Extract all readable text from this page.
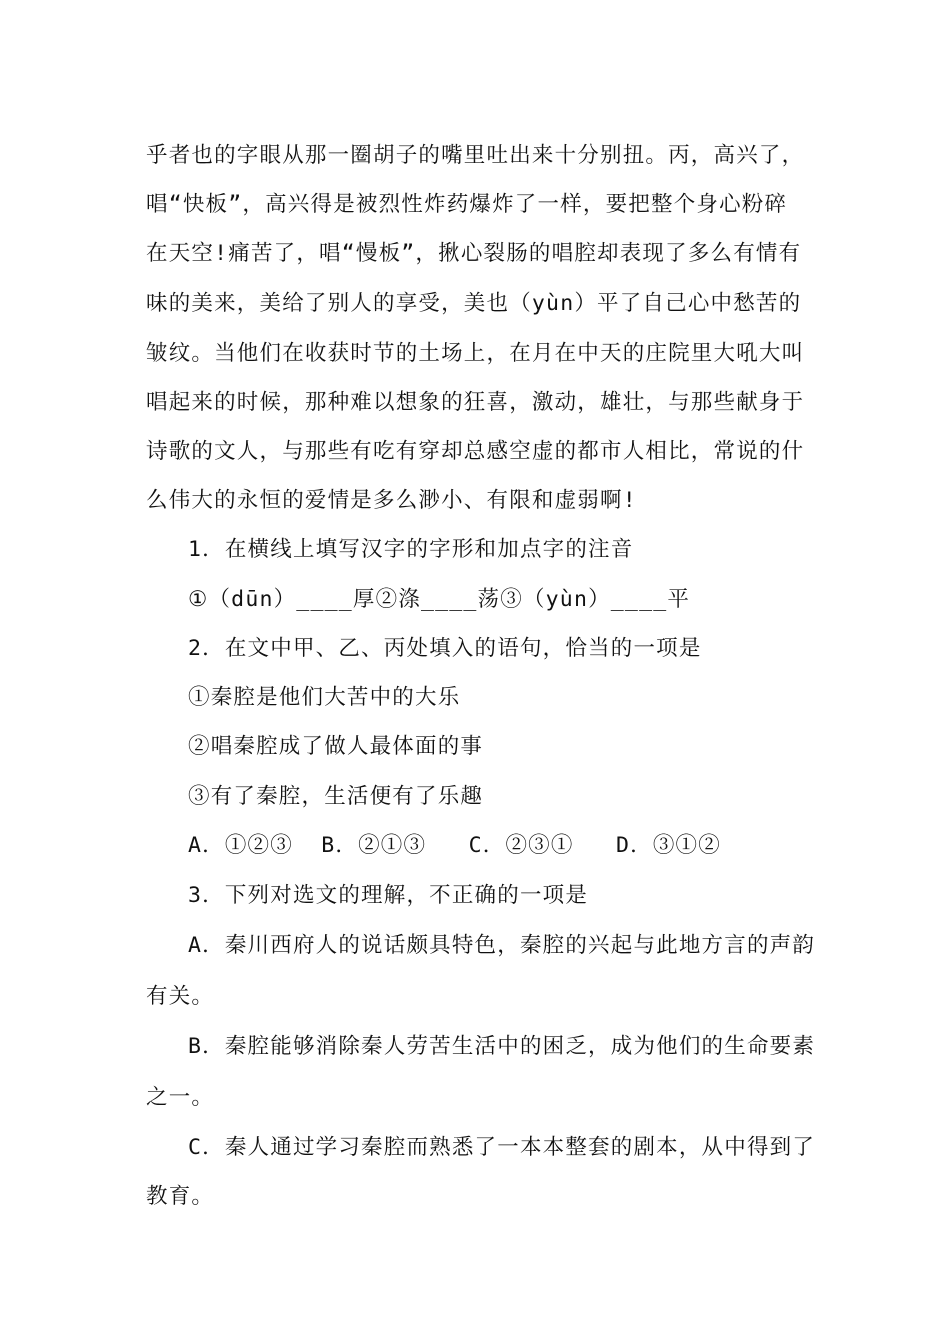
乎者也的字眼从那一圈胡子的嘴里吐出来十分别扭。丙，高兴了，
唱“快板”，高兴得是被烈性炸药爆炸了一样，要把整个身心粉碎
在天空!痛苦了，唱“慢板”，揪心裂肠的唱腔却表现了多么有情有
味的美来，美给了别人的享受，美也（yùn）平了自己心中愁苦的
皱纹。当他们在收获时节的土场上，在月在中天的庄院里大吼大叫
唱起来的时候，那种难以想象的狂喜，激动，雄壮，与那些献身于
诗歌的文人，与那些有吃有穿却总感空虚的都市人相比，常说的什
么伟大的永恒的爱情是多么渺小、有限和虚弱啊!
1．在横线上填写汉字的字形和加点字的注音
①（dūn）____厚②涤____荡③（yùn）____平
2．在文中甲、乙、丙处填入的语句，恰当的一项是
①秦腔是他们大苦中的大乐
②唱秦腔成了做人最体面的事
③有了秦腔，生活便有了乐趣
A．①②③  B．②①③   C．②③①   D．③①②
3．下列对选文的理解，不正确的一项是
A．秦川西府人的说话颇具特色，秦腔的兴起与此地方言的声韵
有关。
B．秦腔能够消除秦人劳苦生活中的困乏，成为他们的生命要素
之一。
C．秦人通过学习秦腔而熟悉了一本本整套的剧本，从中得到了
教育。
